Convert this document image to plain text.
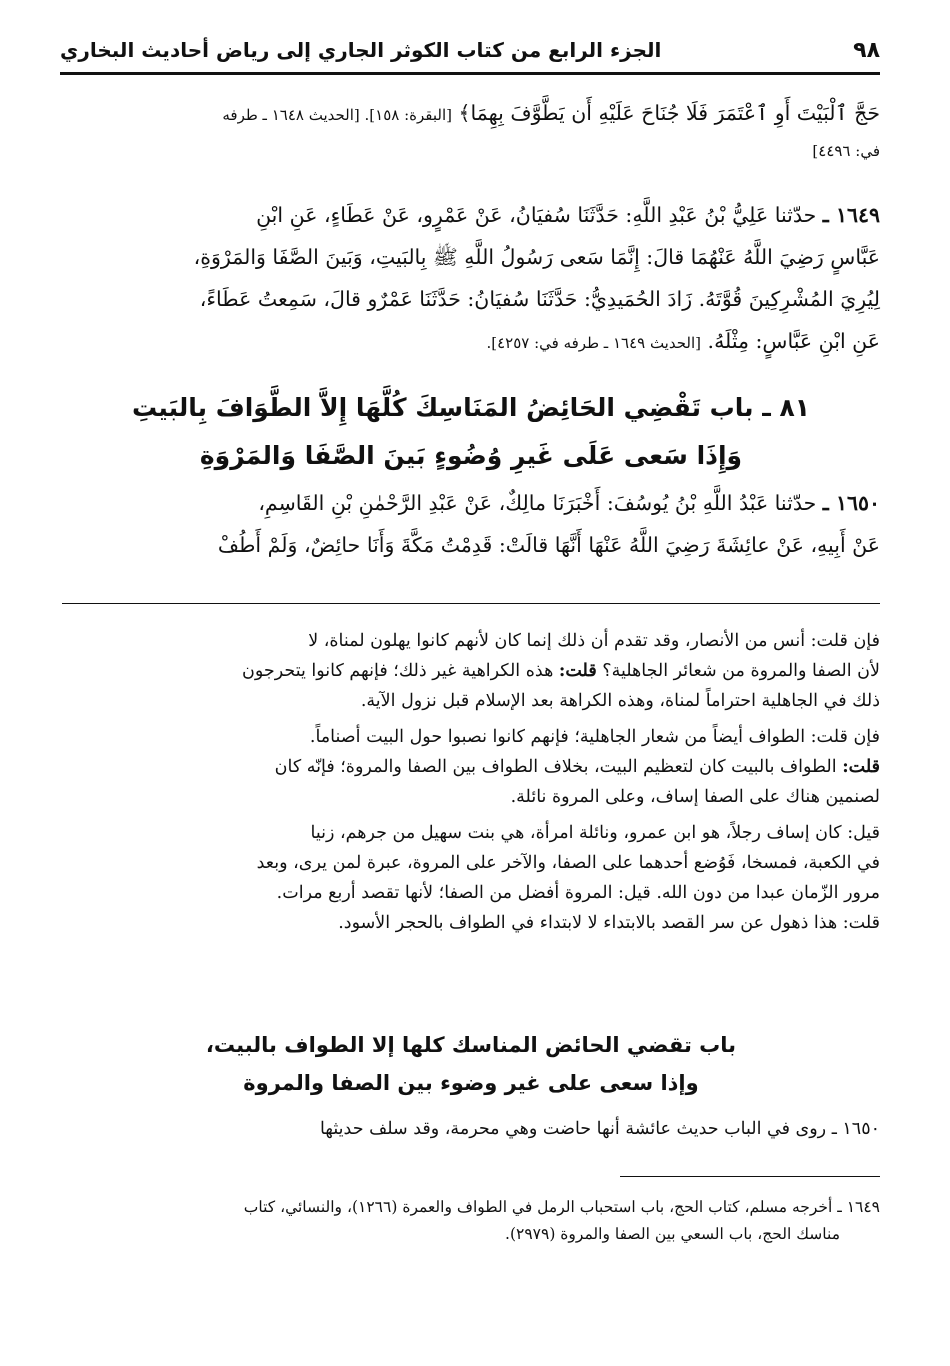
٩٨
الجزء الرابع من كتاب الكوثر الجاري إلى رياض أحاديث البخاري
حَجَّ ٱلْبَيْتَ أَوِ ٱعْتَمَرَ فَلَا جُنَاحَ عَلَيْهِ أَن يَطَّوَّفَ بِهِمَا﴾ [البقرة: ١٥٨]. [الحديث ١٦٤٨ ـ طرفه
في: ٤٤٩٦]
١٦٤٩ ـ حدّثنا عَلِيُّ بْنُ عَبْدِ اللَّهِ: حَدَّثَنَا سُفيَانُ، عَنْ عَمْرٍو، عَنْ عَطَاءٍ، عَنِ ابْنِ
عَبَّاسٍ رَضِيَ اللَّهُ عَنْهُمَا قالَ: إِنَّمَا سَعى رَسُولُ اللَّهِ ﷺ بِالبَيتِ، وَبَينَ الصَّفَا وَالمَرْوَةِ،
لِيُرِيَ المُشْرِكِينَ قُوَّتَهُ. زَادَ الحُمَيدِيُّ: حَدَّثَنَا سُفيَانُ: حَدَّثَنَا عَمْرٌو قالَ، سَمِعتُ عَطَاءً،
عَنِ ابْنِ عَبَّاسٍ: مِثْلَهُ. [الحديث ١٦٤٩ ـ طرفه في: ٤٢٥٧].
٨١ ـ باب تَقْضِي الحَائِضُ المَنَاسِكَ كُلَّهَا إِلاَّ الطَّوَافَ بِالبَيتِ
وَإِذَا سَعى عَلَى غَيرِ وُضُوءٍ بَينَ الصَّفَا وَالمَرْوَةِ
١٦٥٠ ـ حدّثنا عَبْدُ اللَّهِ بْنُ يُوسُفَ: أَخْبَرَنَا مالِكٌ، عَنْ عَبْدِ الرَّحْمٰنِ بْنِ القَاسِمِ،
عَنْ أَبِيهِ، عَنْ عائِشَةَ رَضِيَ اللَّهُ عَنْهَا أَنَّهَا قالَتْ: قَدِمْتُ مَكَّةَ وَأَنَا حائِضٌ، وَلَمْ أَطُفْ
فإن قلت: أنس من الأنصار، وقد تقدم أن ذلك إنما كان لأنهم كانوا يهلون لمناة، لا
لأن الصفا والمروة من شعائر الجاهلية؟ قلت: هذه الكراهية غير ذلك؛ فإنهم كانوا يتحرجون
ذلك في الجاهلية احتراماً لمناة، وهذه الكراهة بعد الإسلام قبل نزول الآية.
فإن قلت: الطواف أيضاً من شعار الجاهلية؛ فإنهم كانوا نصبوا حول البيت أصناماً.
قلت: الطواف بالبيت كان لتعظيم البيت، بخلاف الطواف بين الصفا والمروة؛ فإنّه كان
لصنمين هناك على الصفا إساف، وعلى المروة نائلة.
قيل: كان إساف رجلاً، هو ابن عمرو، ونائلة امرأة، هي بنت سهيل من جرهم، زنيا
في الكعبة، فمسخا، فَوُضع أحدهما على الصفا، والآخر على المروة، عبرة لمن يرى، وبعد
مرور الزّمان عبدا من دون الله. قيل: المروة أفضل من الصفا؛ لأنها تقصد أربع مرات.
قلت: هذا ذهول عن سر القصد بالابتداء لا لابتداء في الطواف بالحجر الأسود.
باب تقضي الحائض المناسك كلها إلا الطواف بالبيت،
وإذا سعى على غير وضوء بين الصفا والمروة
١٦٥٠ ـ روى في الباب حديث عائشة أنها حاضت وهي محرمة، وقد سلف حديثها
١٦٤٩ ـ أخرجه مسلم، كتاب الحج، باب استحباب الرمل في الطواف والعمرة (١٢٦٦)، والنسائي، كتاب
مناسك الحج، باب السعي بين الصفا والمروة (٢٩٧٩).
